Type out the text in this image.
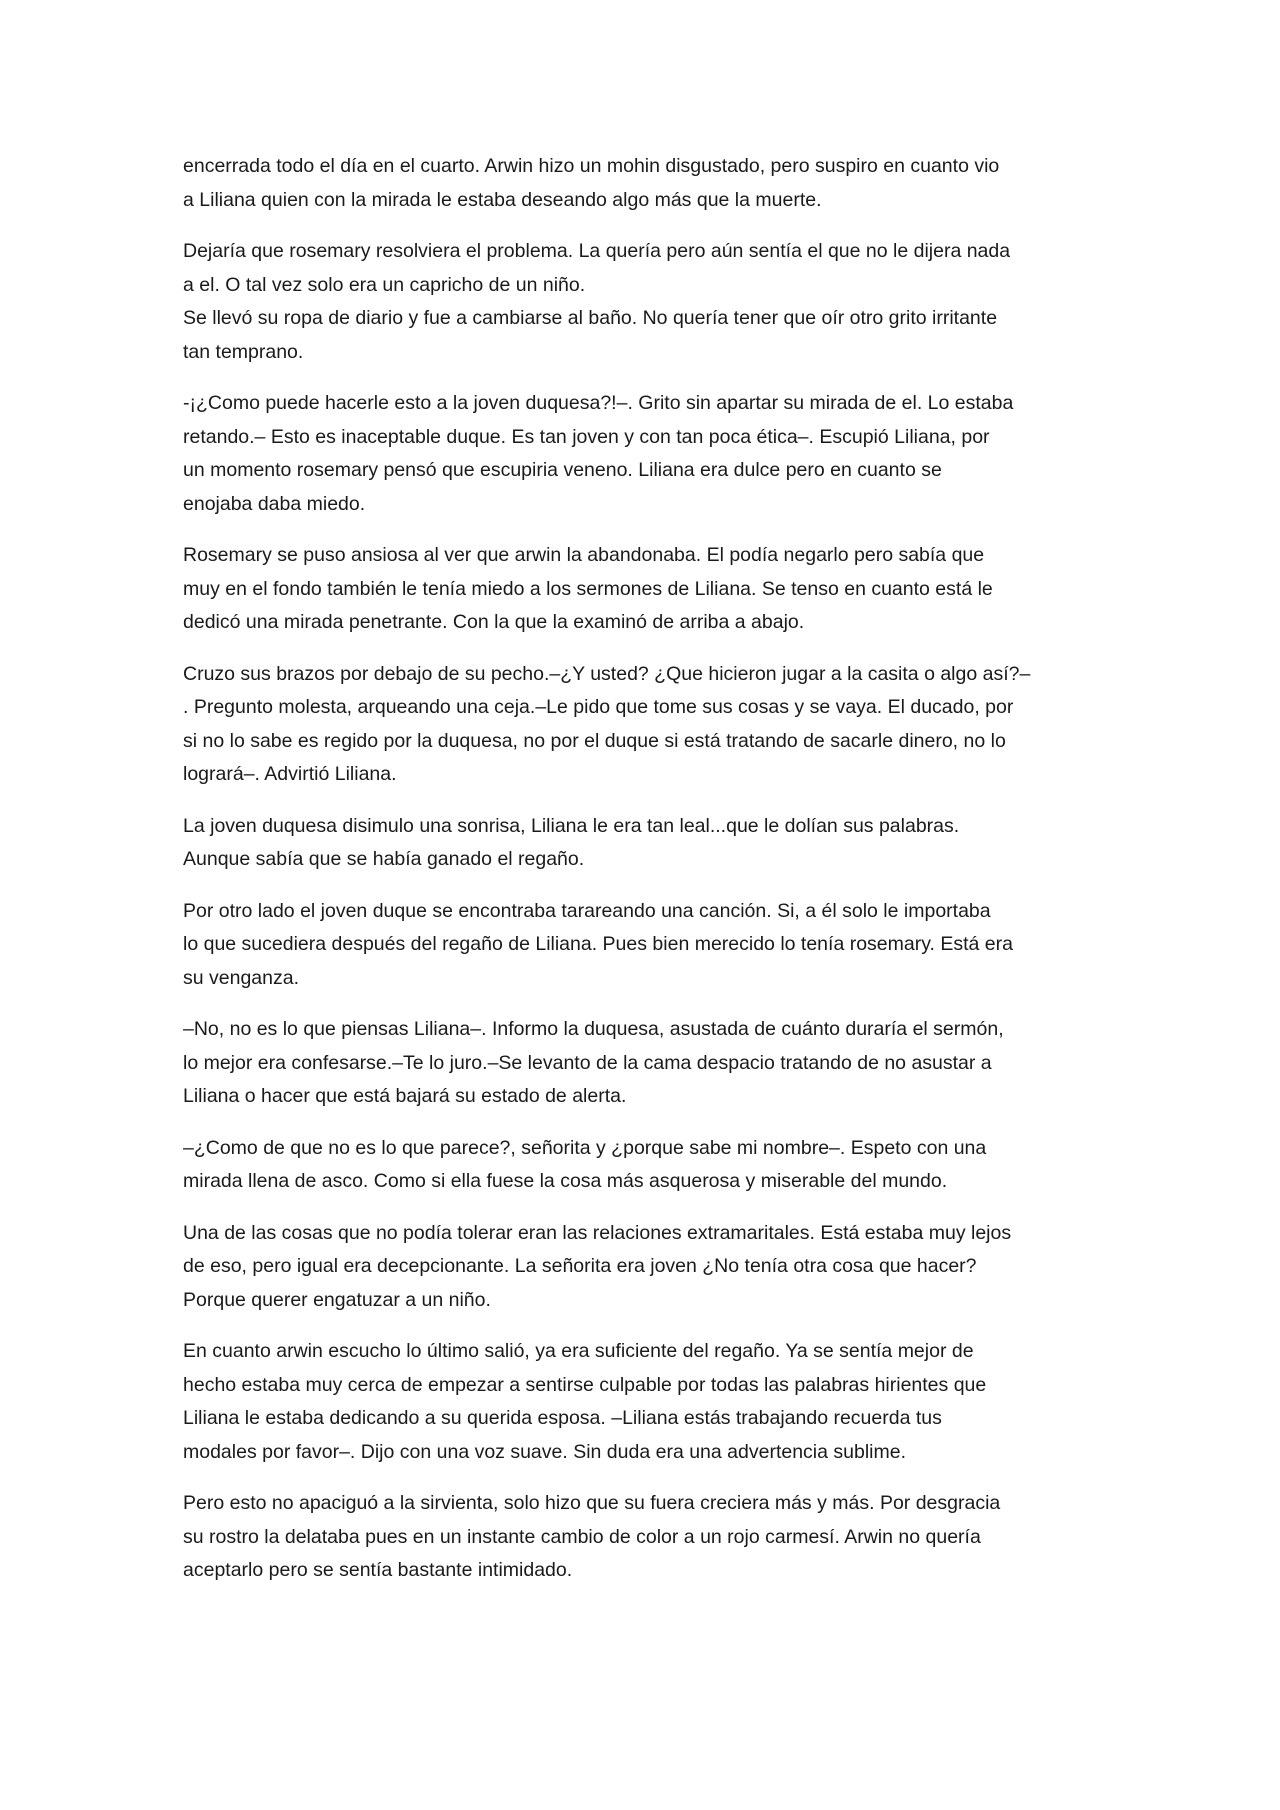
encerrada todo el día en el cuarto. Arwin hizo un mohin disgustado, pero suspiro en cuanto vio
a Liliana quien con la mirada le estaba deseando algo más que la muerte.

Dejaría que rosemary resolviera el problema. La quería pero aún sentía el que no le dijera nada
a el. O tal vez solo era un capricho de un niño.
Se llevó su ropa de diario y fue a cambiarse al baño. No quería tener que oír otro grito irritante
tan temprano.

-¡¿Como puede hacerle esto a la joven duquesa?!–. Grito sin apartar su mirada de el. Lo estaba
retando.– Esto es inaceptable duque. Es tan joven y con tan poca ética–. Escupió Liliana, por
un momento rosemary pensó que escupiria veneno. Liliana era dulce pero en cuanto se
enojaba daba miedo.

Rosemary se puso ansiosa al ver que arwin la abandonaba. El podía negarlo pero sabía que
muy en el fondo también le tenía miedo a los sermones de Liliana. Se tenso en cuanto está le
dedicó una mirada penetrante. Con la que la examinó de arriba a abajo.

Cruzo sus brazos por debajo de su pecho.–¿Y usted? ¿Que hicieron jugar a la casita o algo así?–
. Pregunto molesta, arqueando una ceja.–Le pido que tome sus cosas y se vaya. El ducado, por
si no lo sabe es regido por la duquesa, no por el duque si está tratando de sacarle dinero, no lo
logrará–. Advirtió Liliana.

La joven duquesa disimulo una sonrisa, Liliana le era tan leal...que le dolían sus palabras.
Aunque sabía que se había ganado el regaño.

Por otro lado el joven duque se encontraba tarareando una canción. Si, a él solo le importaba
lo que sucediera después del regaño de Liliana. Pues bien merecido lo tenía rosemary. Está era
su venganza.

–No, no es lo que piensas Liliana–. Informo la duquesa, asustada de cuánto duraría el sermón,
lo mejor era confesarse.–Te lo juro.–Se levanto de la cama despacio tratando de no asustar a
Liliana o hacer que está bajará su estado de alerta.

–¿Como de que no es lo que parece?, señorita y ¿porque sabe mi nombre–. Espeto con una
mirada llena de asco. Como si ella fuese la cosa más asquerosa y miserable del mundo.

Una de las cosas que no podía tolerar eran las relaciones extramaritales. Está estaba muy lejos
de eso, pero igual era decepcionante. La señorita era joven ¿No tenía otra cosa que hacer?
Porque querer engatuzar a un niño.

En cuanto arwin escucho lo último salió, ya era suficiente del regaño. Ya se sentía mejor de
hecho estaba muy cerca de empezar a sentirse culpable por todas las palabras hirientes que
Liliana le estaba dedicando a su querida esposa. –Liliana estás trabajando recuerda tus
modales por favor–. Dijo con una voz suave. Sin duda era una advertencia sublime.

Pero esto no apaciguó a la sirvienta, solo hizo que su fuera creciera más y más. Por desgracia
su rostro la delataba pues en un instante cambio de color a un rojo carmesí. Arwin no quería
aceptarlo pero se sentía bastante intimidado.
